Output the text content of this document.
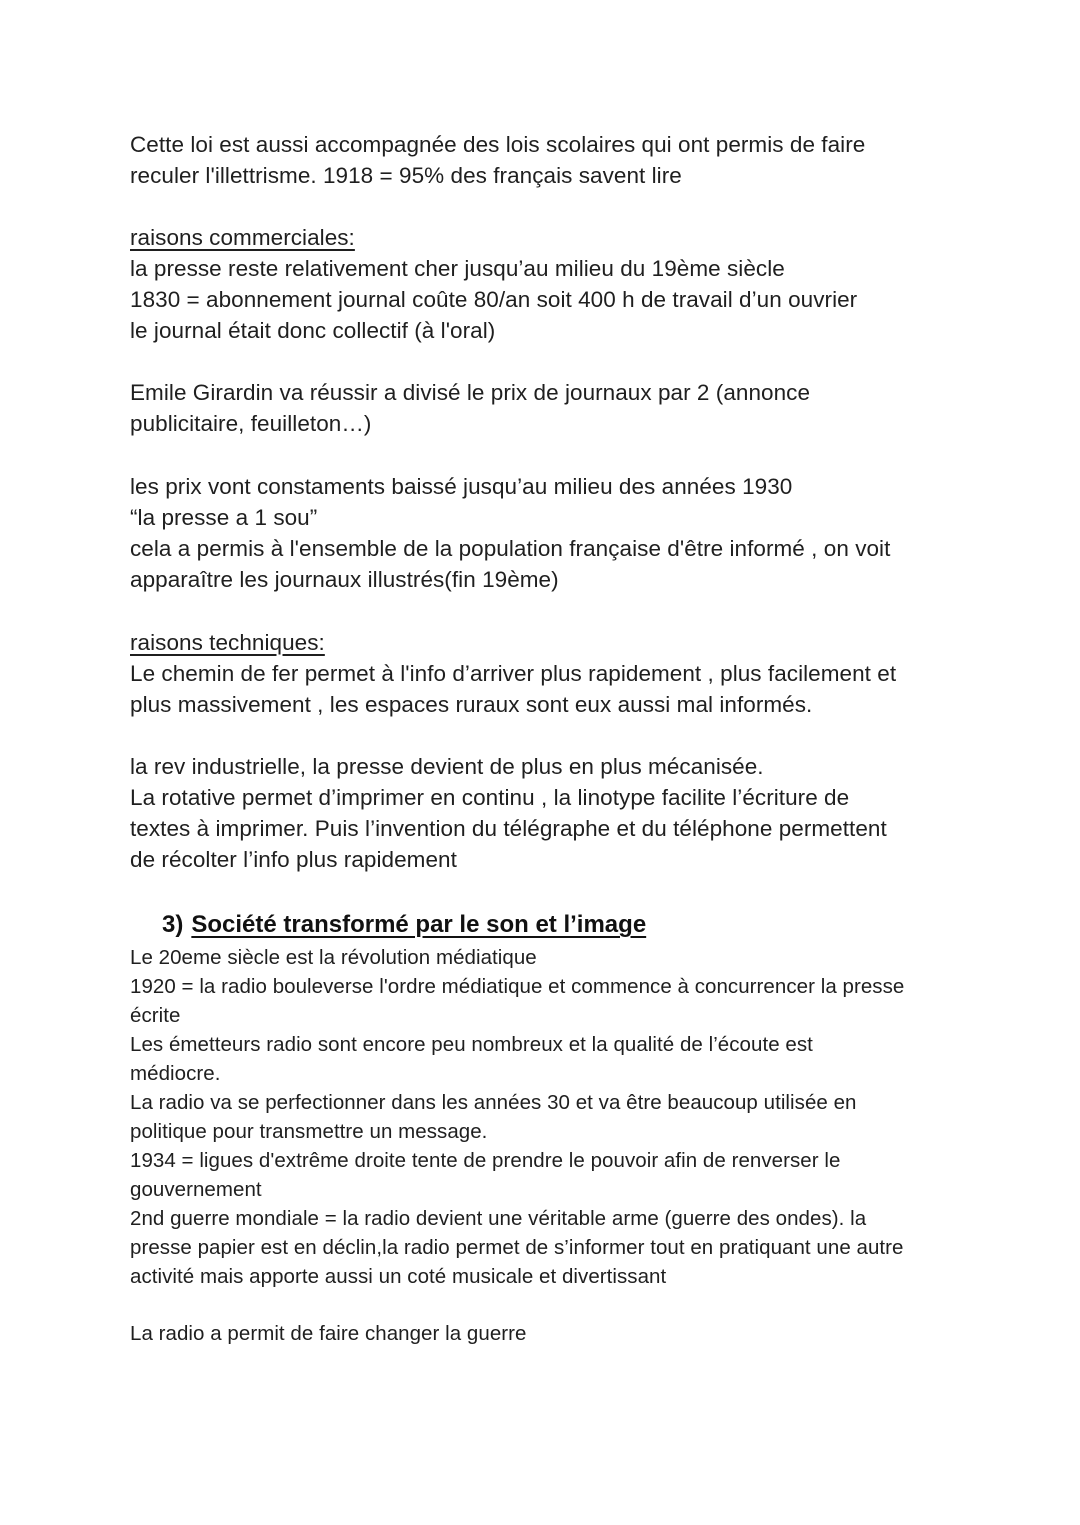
Cette loi est aussi accompagnée des lois scolaires qui ont permis de faire
reculer l'illettrisme. 1918 = 95% des français savent lire
raisons commerciales:
la presse reste relativement cher jusqu’au milieu du 19ème siècle
1830 = abonnement journal coûte 80/an soit 400 h de travail d’un ouvrier
le journal était donc collectif (à l'oral)
Emile Girardin va réussir a divisé le prix de journaux par 2 (annonce
publicitaire, feuilleton…)
les prix vont constaments baissé jusqu’au milieu des années 1930
“la presse a 1 sou”
cela a permis à l'ensemble de la population française d'être informé , on voit
apparaître les journaux illustrés(fin 19ème)
raisons techniques:
Le chemin de fer permet à l'info d’arriver plus rapidement , plus facilement et
plus massivement , les espaces ruraux sont eux aussi mal informés.
la rev industrielle, la presse devient de plus en plus mécanisée.
La rotative permet d’imprimer en continu , la linotype facilite l’écriture de
textes à imprimer. Puis l’invention du télégraphe et du téléphone permettent
de récolter l’info plus rapidement
3) Société transformé par le son et l’image
Le 20eme siècle est la révolution médiatique
1920 = la radio bouleverse l'ordre médiatique et commence à concurrencer la presse
écrite
Les émetteurs radio sont encore peu nombreux et la qualité de l’écoute est
médiocre.
La radio va se perfectionner dans les années 30 et va être beaucoup utilisée en
politique pour transmettre un message.
1934 = ligues d'extrême droite tente de prendre le pouvoir afin de renverser le
gouvernement
2nd guerre mondiale = la radio devient une véritable arme (guerre des ondes). la
presse papier est en déclin,la radio permet de s’informer tout en pratiquant une autre
activité mais apporte aussi un coté musicale et divertissant
La radio a permit de faire changer la guerre
